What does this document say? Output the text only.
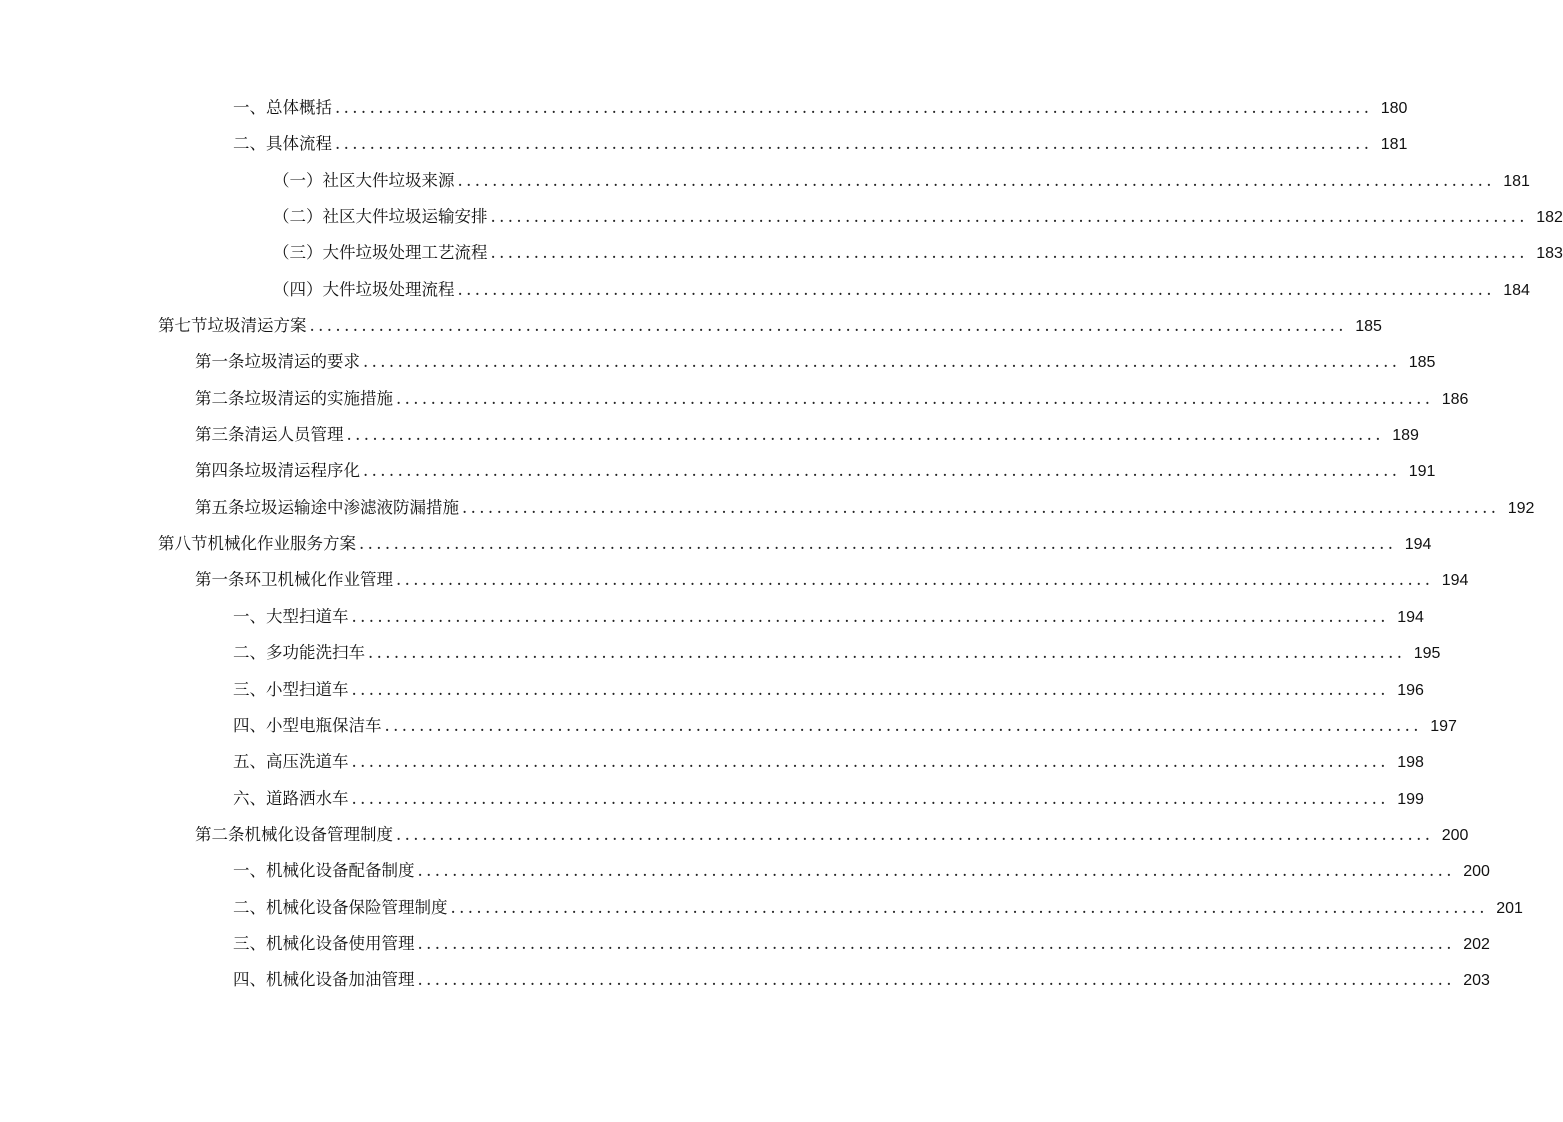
一、 总体概括 ........................................................................................................................ 180
二、 具体流程 ........................................................................................................................ 181
（一） 社区大件垃圾来源 ........................................................................................................................ 181
（二） 社区大件垃圾运输安排 ........................................................................................................................ 182
（三） 大件垃圾处理工艺流程 ........................................................................................................................ 183
（四） 大件垃圾处理流程 ........................................................................................................................ 184
第七节 垃圾清运方案 ........................................................................................................................ 185
第一条 垃圾清运的要求 ........................................................................................................................ 185
第二条 垃圾清运的实施措施 ........................................................................................................................ 186
第三条 清运人员管理 ........................................................................................................................ 189
第四条 垃圾清运程序化 ........................................................................................................................ 191
第五条 垃圾运输途中渗滤液防漏措施 ........................................................................................................................ 192
第八节 机械化作业服务方案 ........................................................................................................................ 194
第一条 环卫机械化作业管理 ........................................................................................................................ 194
一、 大型扫道车 ........................................................................................................................ 194
二、 多功能洗扫车 ........................................................................................................................ 195
三、 小型扫道车 ........................................................................................................................ 196
四、 小型电瓶保洁车 ........................................................................................................................ 197
五、 高压洗道车 ........................................................................................................................ 198
六、 道路洒水车 ........................................................................................................................ 199
第二条 机械化设备管理制度 ........................................................................................................................ 200
一、 机械化设备配备制度 ........................................................................................................................ 200
二、 机械化设备保险管理制度 ........................................................................................................................ 201
三、 机械化设备使用管理 ........................................................................................................................ 202
四、 机械化设备加油管理 ........................................................................................................................ 203
